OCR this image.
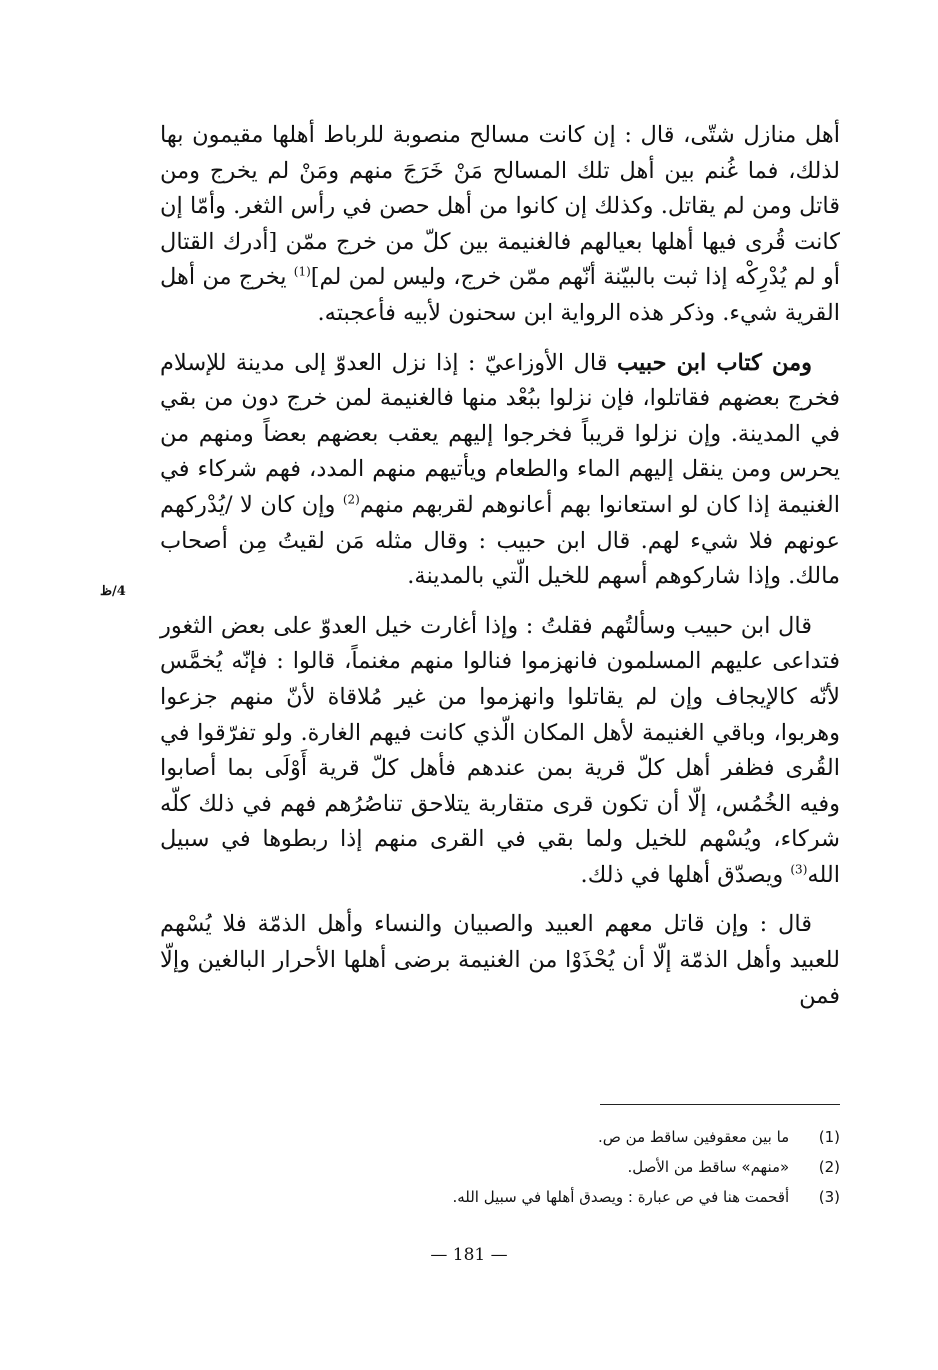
أهل منازل شتّى، قال : إن كانت مسالح منصوبة للرباط أهلها مقيمون بها لذلك، فما غُنم بين أهل تلك المسالح مَنْ خَرَجَ منهم ومَنْ لم يخرج ومن قاتل ومن لم يقاتل. وكذلك إن كانوا من أهل حصن في رأس الثغر. وأمّا إن كانت قُرى فيها أهلها بعيالهم فالغنيمة بين كلّ من خرج ممّن [أدرك القتال أو لم يُدْرِكْه إذا ثبت بالبيّنة أنّهم ممّن خرج، وليس لمن لم]$^{(1)}$ يخرج من أهل القرية شيء. وذكر هذه الرواية ابن سحنون لأبيه فأعجبته.

ومن كتاب ابن حبيب قال الأوزاعيّ : إذا نزل العدوّ إلى مدينة للإسلام فخرج بعضهم فقاتلوا، فإن نزلوا ببُعْد منها فالغنيمة لمن خرج دون من بقي في المدينة. وإن نزلوا قريباً فخرجوا إليهم يعقب بعضهم بعضاً ومنهم من يحرس ومن ينقل إليهم الماء والطعام ويأتيهم منهم المدد، فهم شركاء في الغنيمة إذا كان لو استعانوا بهم أعانوهم لقربهم منهم$^{(2)}$ وإن كان لا /يُدْركهم عونهم فلا شيء لهم. قال ابن حبيب : وقال مثله مَن لقيتُ مِن أصحاب مالك. وإذا شاركوهم أسهم للخيل الّتي بالمدينة.

قال ابن حبيب وسألتُهم فقلتُ : وإذا أغارت خيل العدوّ على بعض الثغور فتداعى عليهم المسلمون فانهزموا فنالوا منهم مغنماً، قالوا : فإنّه يُخمَّس لأنّه كالإيجاف وإن لم يقاتلوا وانهزموا من غير مُلاقاة لأنّ منهم جزعوا وهربوا، وباقي الغنيمة لأهل المكان الّذي كانت فيهم الغارة. ولو تفرّقوا في القُرى فظفر أهل كلّ قرية بمن عندهم فأهل كلّ قرية أَوْلَى بما أصابوا وفيه الخُمُس، إلّا أن تكون قرى متقاربة يتلاحق تناصُرُهم فهم في ذلك كلّه شركاء، ويُسْهم للخيل ولما بقي في القرى منهم إذا ربطوها في سبيل الله$^{(3)}$ ويصدّق أهلها في ذلك.

قال : وإن قاتل معهم العبيد والصبيان والنساء وأهل الذمّة فلا يُسْهم للعبيد وأهل الذمّة إلّا أن يُحْذَوْا من الغنيمة برضى أهلها الأحرار البالغين وإلّا فمن

4/ظ
(1) ما بين معقوفين ساقط من ص.
(2) «منهم» ساقط من الأصل.
(3) أقحمت هنا في ص عبارة : ويصدق أهلها في سبيل الله.
— 181 —
